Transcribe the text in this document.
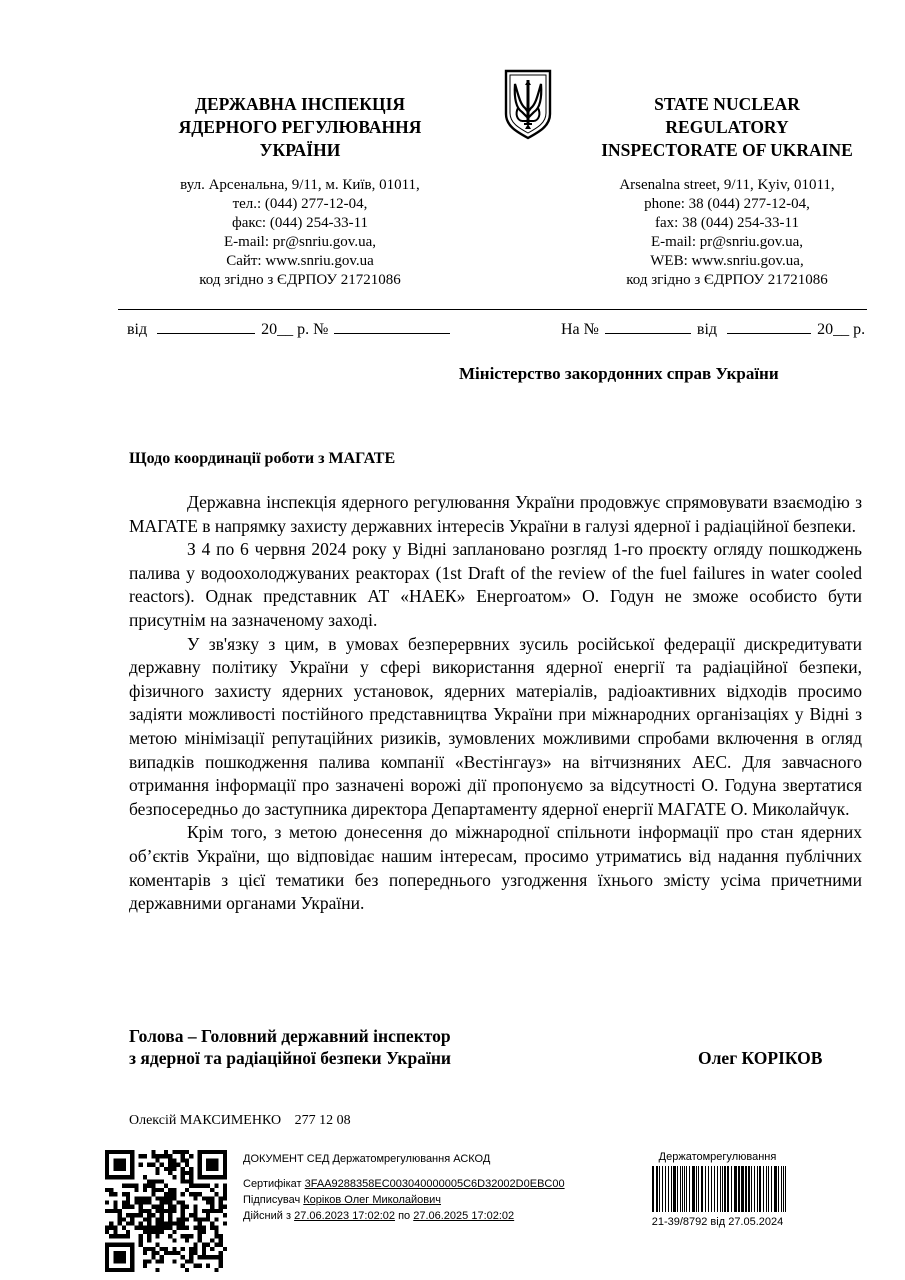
ДЕРЖАВНА ІНСПЕКЦІЯ
ЯДЕРНОГО РЕГУЛЮВАННЯ
УКРАЇНИ
вул. Арсенальна, 9/11, м. Київ, 01011,
тел.: (044) 277-12-04,
факс: (044) 254-33-11
E-mail: pr@snriu.gov.ua,
Сайт: www.snriu.gov.ua
код згідно з ЄДРПОУ 21721086
STATE NUCLEAR
REGULATORY
INSPECTORATE OF UKRAINE
Arsenalna street, 9/11, Kyiv, 01011,
phone: 38 (044) 277-12-04,
fax: 38 (044) 254-33-11
E-mail: pr@snriu.gov.ua,
WEB: www.snriu.gov.ua,
код згідно з ЄДРПОУ 21721086
від	20__ р. №	На №	від	20__ р.
Міністерство закордонних справ України
Щодо координації роботи з МАГАТЕ

Державна інспекція ядерного регулювання України продовжує спрямовувати взаємодію з МАГАТЕ в напрямку захисту державних інтересів України в галузі ядерної і радіаційної безпеки.

З 4 по 6 червня 2024 року у Відні заплановано розгляд 1-го проєкту огляду пошкоджень палива у водоохолоджуваних реакторах (1st Draft of the review of the fuel failures in water cooled reactors). Однак представник АТ «НАЕК» Енергоатом» О. Годун не зможе особисто бути присутнім на зазначеному заході.

У зв'язку з цим, в умовах безперервних зусиль російської федерації дискредитувати державну політику України у сфері використання ядерної енергії та радіаційної безпеки, фізичного захисту ядерних установок, ядерних матеріалів, радіоактивних відходів просимо задіяти можливості постійного представництва України при міжнародних організаціях у Відні з метою мінімізації репутаційних ризиків, зумовлених можливими спробами включення в огляд випадків пошкодження палива компанії «Вестінгауз» на вітчизняних АЕС. Для завчасного отримання інформації про зазначені ворожі дії пропонуємо за відсутності О. Годуна звертатися безпосередньо до заступника директора Департаменту ядерної енергії МАГАТЕ О. Миколайчук.

Крім того, з метою донесення до міжнародної спільноти інформації про стан ядерних об’єктів України, що відповідає нашим інтересам, просимо утриматись від надання публічних коментарів з цієї тематики без попереднього узгодження їхнього змісту усіма причетними державними органами України.

Голова – Головний державний інспектор
з ядерної та радіаційної безпеки України	Олег КОРІКОВ
Олексій МАКСИМЕНКО 277 12 08
ДОКУМЕНТ СЕД Держатомрегулювання АСКОД
Сертифікат 3FAA9288358EC003040000005C6D32002D0EBC00
Підписувач Коріков Олег Миколайович
Дійсний з 27.06.2023 17:02:02 по 27.06.2025 17:02:02
Держатомрегулювання
21-39/8792 від 27.05.2024
